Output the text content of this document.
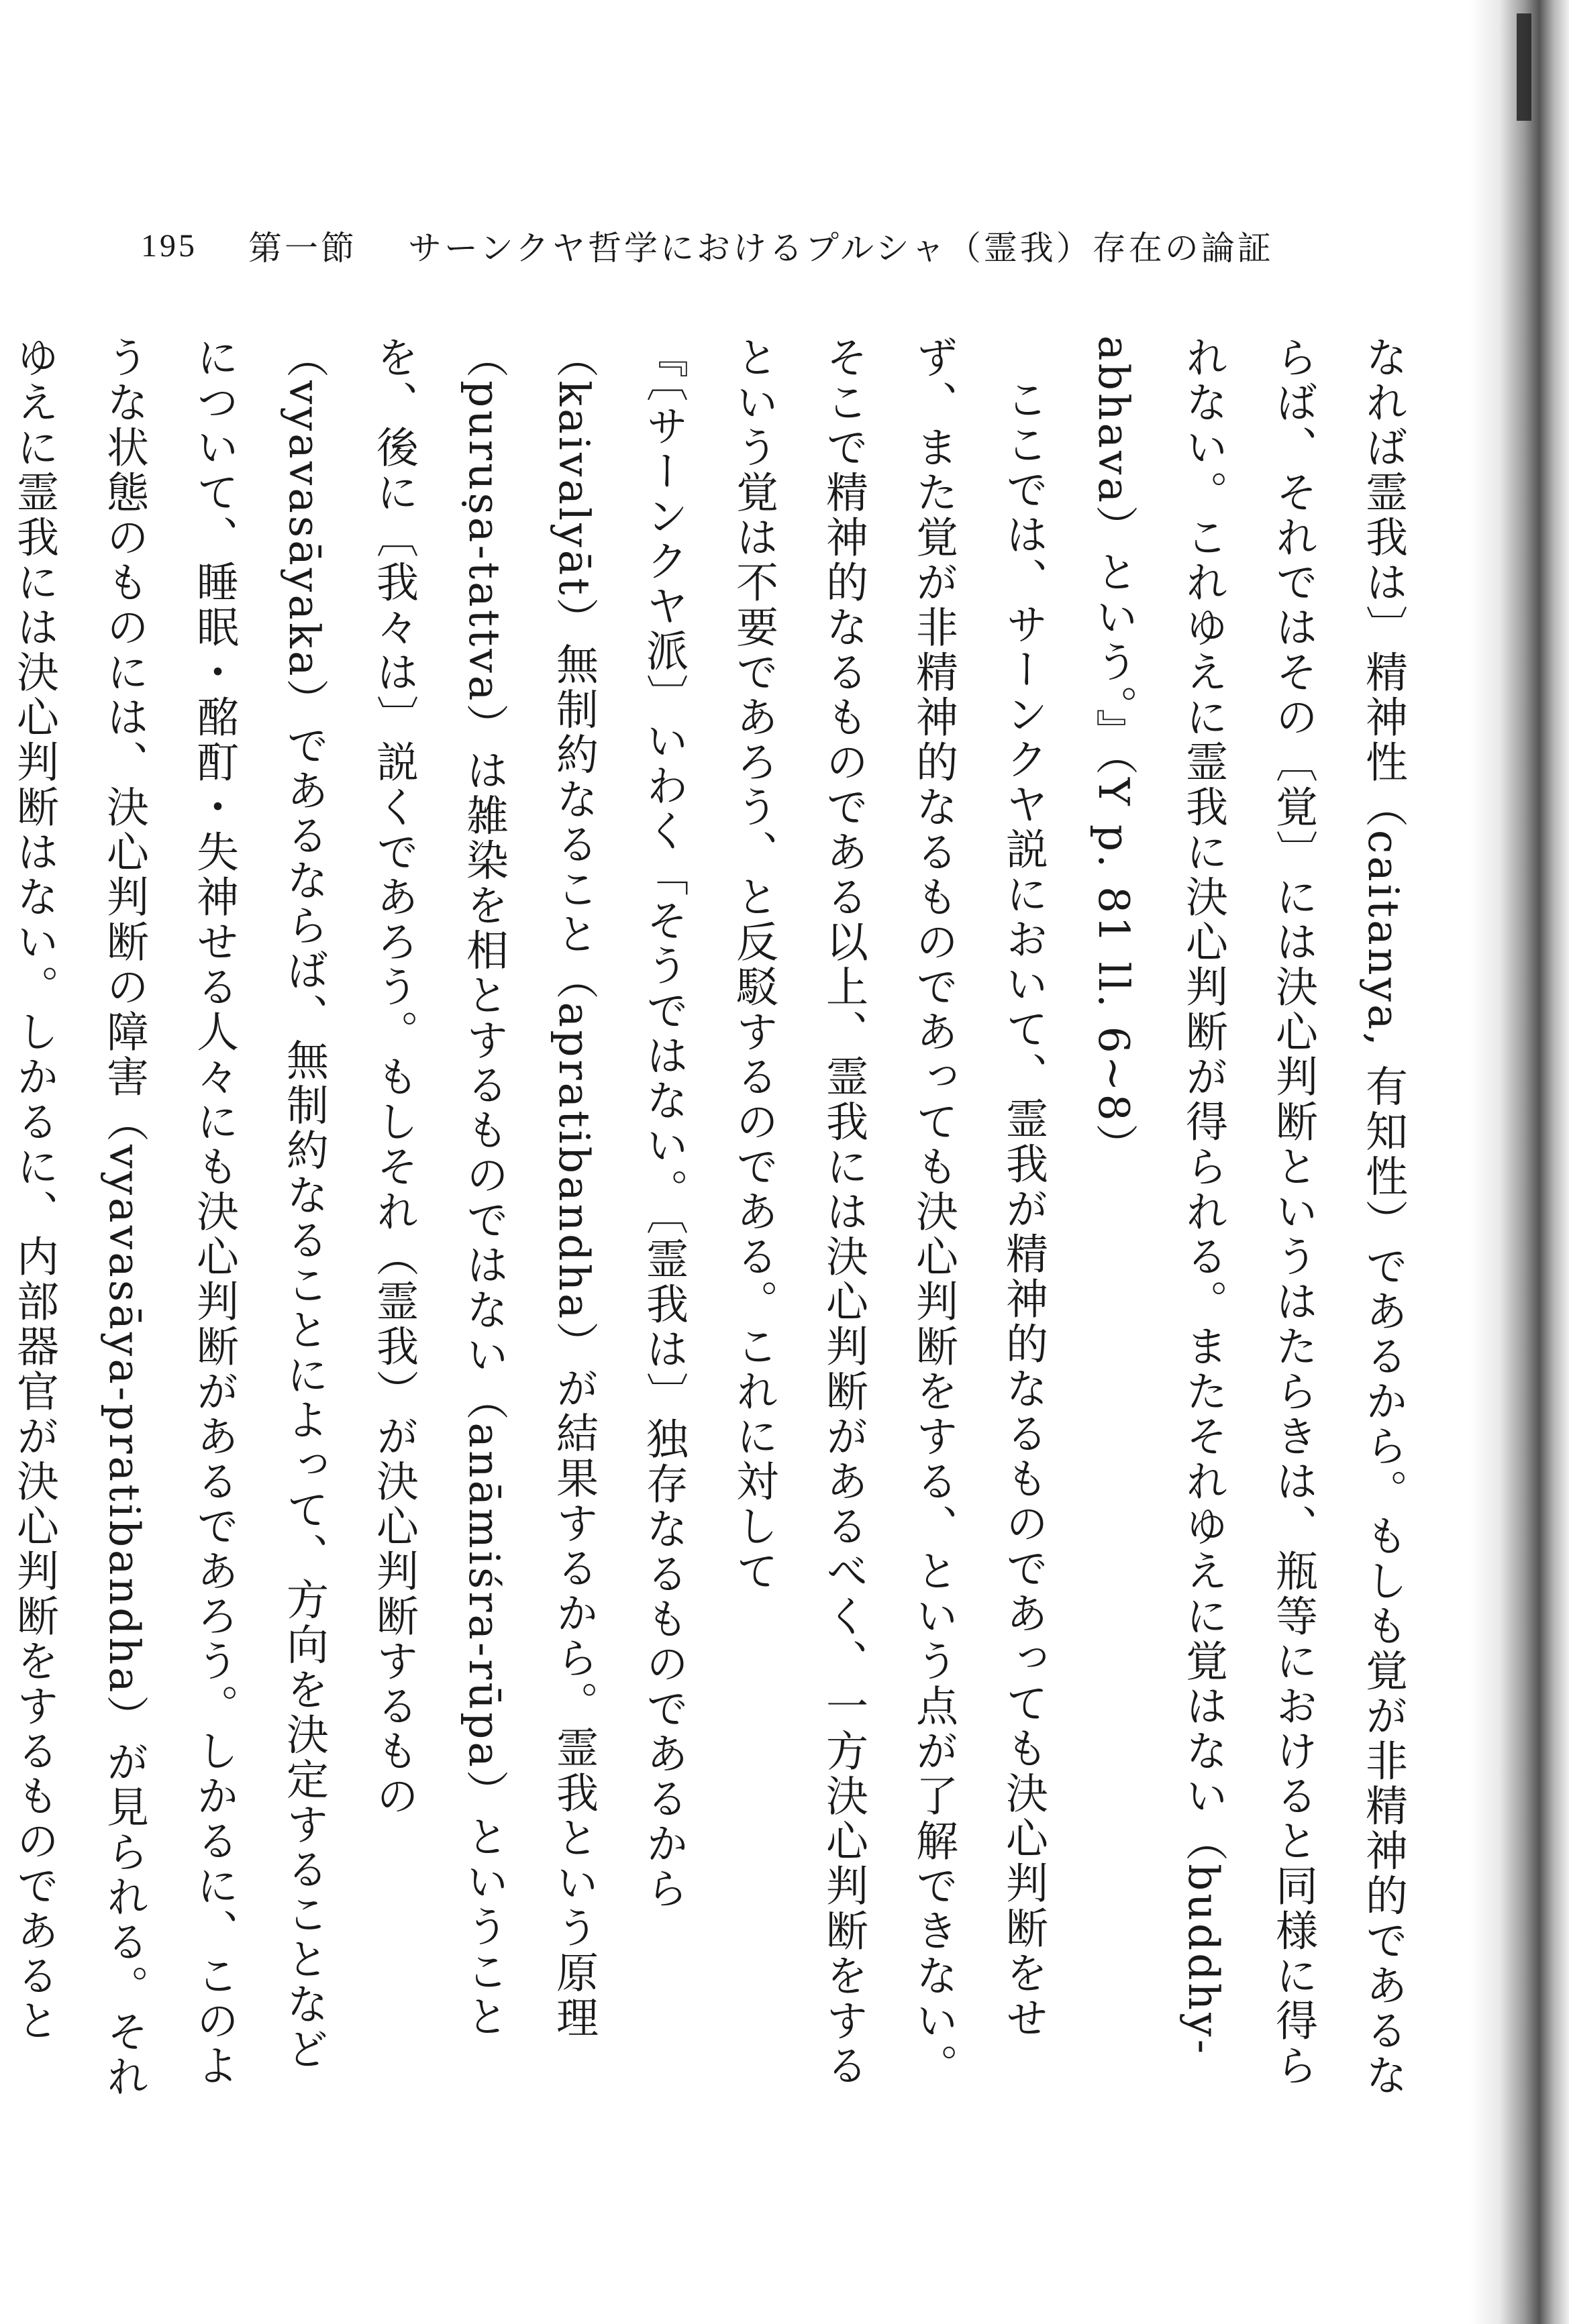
195 第一節 サーンクヤ哲学におけるプルシャ（霊我）存在の論証

なれば霊我は〕精神性（caitanya, 有知性）であるから。もしも覚が非精神的であるならば、それではその〔覚〕には決心判断というはたらきは、瓶等におけると同様に得られない。これゆえに霊我に決心判断が得られる。またそれゆえに覚はない（buddhy-abhava）という。』（Y p. 81 ll. 6~8）

ここでは、サーンクヤ説において、霊我が精神的なるものであっても決心判断をせず、また覚が非精神的なるものであっても決心判断をする、という点が了解できない。そこで精神的なるものである以上、霊我には決心判断があるべく、一方決心判断をするという覚は不要であろう、と反駁するのである。これに対して

『〔サーンクヤ派〕いわく「そうではない。〔霊我は〕独存なるものであるから（kaivalyāt）無制約なること（apratibandha）が結果するから。霊我という原理（puruṣa-tattva）は雑染を相とするものではない（anāmiśra-rūpa）ということを、後に〔我々は〕説くであろう。もしそれ（霊我）が決心判断するもの（vyavasāyaka）であるならば、無制約なることによって、方向を決定することなどについて、睡眠・酩酊・失神せる人々にも決心判断があるであろう。しかるに、このような状態のものには、決心判断の障害（vyavasāya-pratibandha）が見られる。それゆえに霊我には決心判断はない。しかるに、内部器官が決心判断をするものであると
